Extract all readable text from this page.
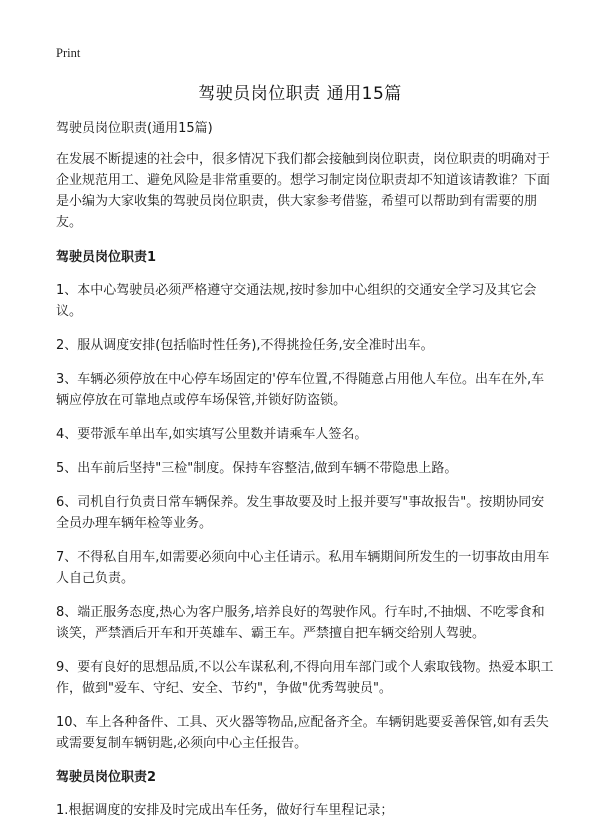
Print
驾驶员岗位职责 通用15篇

驾驶员岗位职责(通用15篇)

在发展不断提速的社会中，很多情况下我们都会接触到岗位职责，岗位职责的明确对于企业规范用工、避免风险是非常重要的。想学习制定岗位职责却不知道该请教谁？下面是小编为大家收集的驾驶员岗位职责，供大家参考借鉴，希望可以帮助到有需要的朋友。

驾驶员岗位职责1

1、本中心驾驶员必须严格遵守交通法规,按时参加中心组织的交通安全学习及其它会议。

2、服从调度安排(包括临时性任务),不得挑捡任务,安全准时出车。

3、车辆必须停放在中心停车场固定的'停车位置,不得随意占用他人车位。出车在外,车辆应停放在可靠地点或停车场保管,并锁好防盗锁。

4、要带派车单出车,如实填写公里数并请乘车人签名。

5、出车前后坚持"三检"制度。保持车容整洁,做到车辆不带隐患上路。

6、司机自行负责日常车辆保养。发生事故要及时上报并要写"事故报告"。按期协同安全员办理车辆年检等业务。

7、不得私自用车,如需要必须向中心主任请示。私用车辆期间所发生的一切事故由用车人自己负责。

8、端正服务态度,热心为客户服务,培养良好的驾驶作风。行车时,不抽烟、不吃零食和谈笑，严禁酒后开车和开英雄车、霸王车。严禁擅自把车辆交给别人驾驶。

9、要有良好的思想品质,不以公车谋私利,不得向用车部门或个人索取钱物。热爱本职工作，做到"爱车、守纪、安全、节约"，争做"优秀驾驶员"。

10、车上各种备件、工具、灭火器等物品,应配备齐全。车辆钥匙要妥善保管,如有丢失或需要复制车辆钥匙,必须向中心主任报告。

驾驶员岗位职责2

1.根据调度的安排及时完成出车任务，做好行车里程记录；
